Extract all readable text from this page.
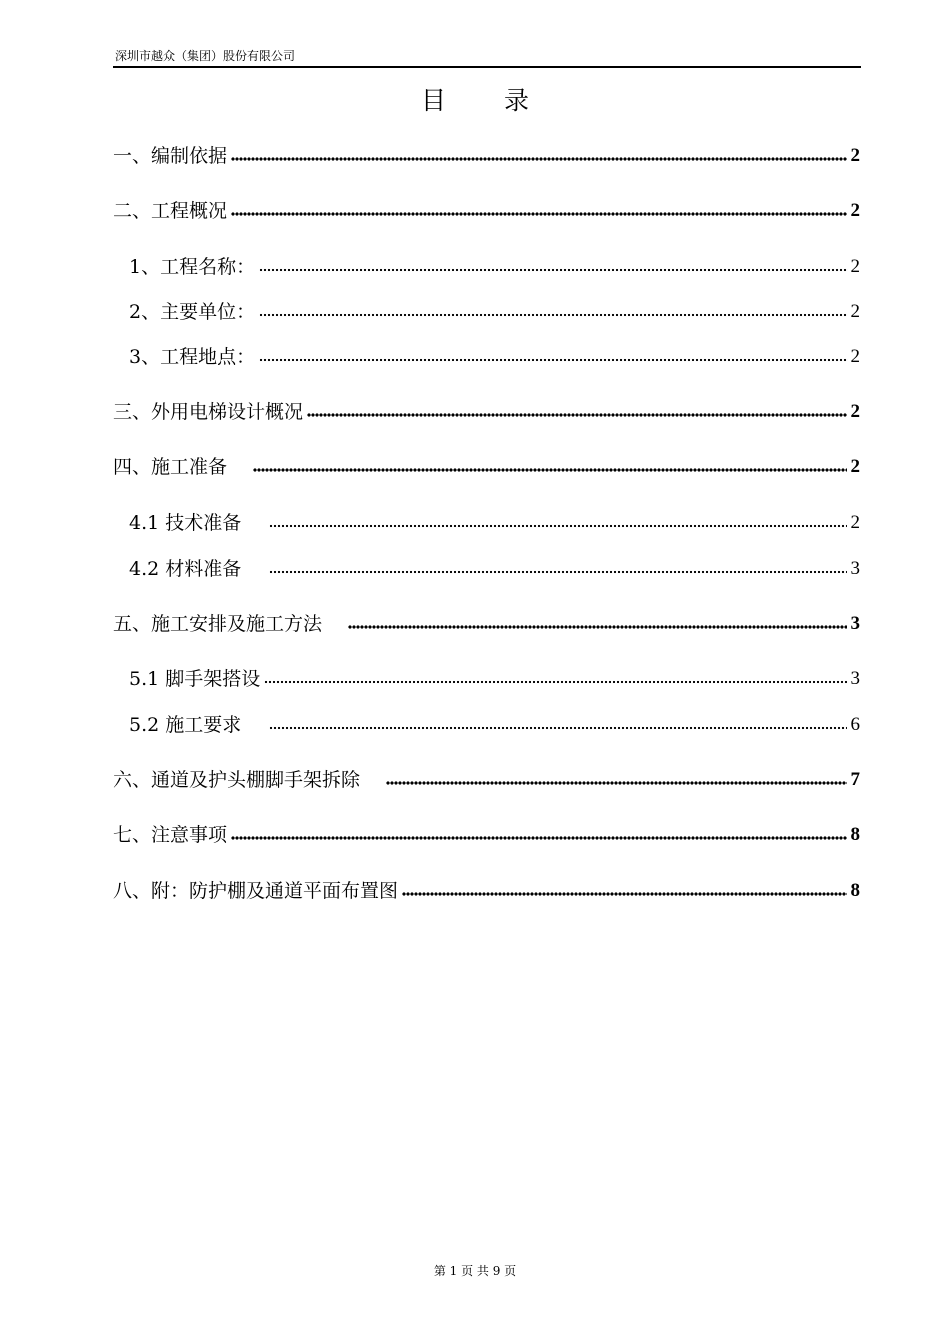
深圳市越众（集团）股份有限公司
目录
一、编制依据	2
二、工程概况	2
1、工程名称：	2
2、主要单位：	2
3、工程地点：	2
三、外用电梯设计概况	2
四、施工准备	2
4.1 技术准备	2
4.2 材料准备	3
五、施工安排及施工方法	3
5.1 脚手架搭设	3
5.2 施工要求	6
六、通道及护头棚脚手架拆除	7
七、注意事项	8
八、附：防护棚及通道平面布置图	8
第 1 页 共 9 页
